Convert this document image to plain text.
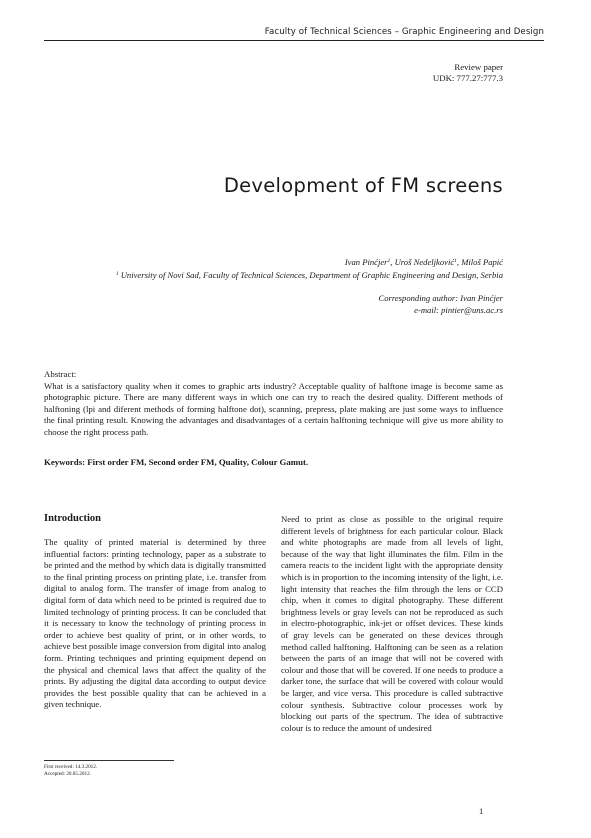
Faculty of Technical Sciences – Graphic Engineering and Design
Review paper
UDK: 777.27:777.3
Development of FM screens
Ivan Pinćjer$^1$, Uroš Nedeljković$^1$, Miloš Papić
$^1$ University of Novi Sad, Faculty of Technical Sciences, Department of Graphic Engineering and Design, Serbia
Corresponding author: Ivan Pinćjer
e-mail: pintier@uns.ac.rs

Abstract:

What is a satisfactory quality when it comes to graphic arts industry? Acceptable quality of halftone image is become same as photographic picture. There are many different ways in which one can try to reach the desired quality. Different methods of halftoning (lpi and diferent methods of forming halftone dot), scanning, prepress, plate making are just some ways to influence the final printing result. Knowing the advantages and disadvantages of a certain halftoning technique will give us more ability to choose the right process path.

Keywords: First order FM, Second order FM, Quality, Colour Gamut.

Introduction

The quality of printed material is determined by three influential factors: printing technology, paper as a substrate to be printed and the method by which data is digitally transmitted to the final printing process on printing plate, i.e. transfer from digital to analog form. The transfer of image from analog to digital form of data which need to be printed is required due to limited technology of printing process. It can be concluded that it is necessary to know the technology of printing process in order to achieve best quality of print, or in other words, to achieve best possible image conversion from digital into analog form. Printing techniques and printing equipment depend on the physical and chemical laws that affect the quality of the prints. By adjusting the digital data according to output device provides the best possible quality that can be achieved in a given technique.

Need to print as close as possible to the original require different levels of brightness for each particular colour. Black and white photographs are made from all levels of light, because of the way that light illuminates the film. Film in the camera reacts to the incident light with the appropriate density which is in proportion to the incoming intensity of the light, i.e. light intensity that reaches the film through the lens or CCD chip, when it comes to digital photography. These different brightness levels or gray levels can not be reproduced as such in electro-photographic, ink-jet or offset devices. These kinds of gray levels can be generated on these devices through method called halftoning. Halftoning can be seen as a relation between the parts of an image that will not be covered with colour and those that will be covered. If one needs to produce a darker tone, the surface that will be covered with colour would be larger, and vice versa. This procedure is called subtractive colour synthesis. Subtractive colour processes work by blocking out parts of the spectrum. The idea of subtractive colour is to reduce the amount of undesired

First received: 14.3.2012.
Accepted: 20.05.2012.
1
